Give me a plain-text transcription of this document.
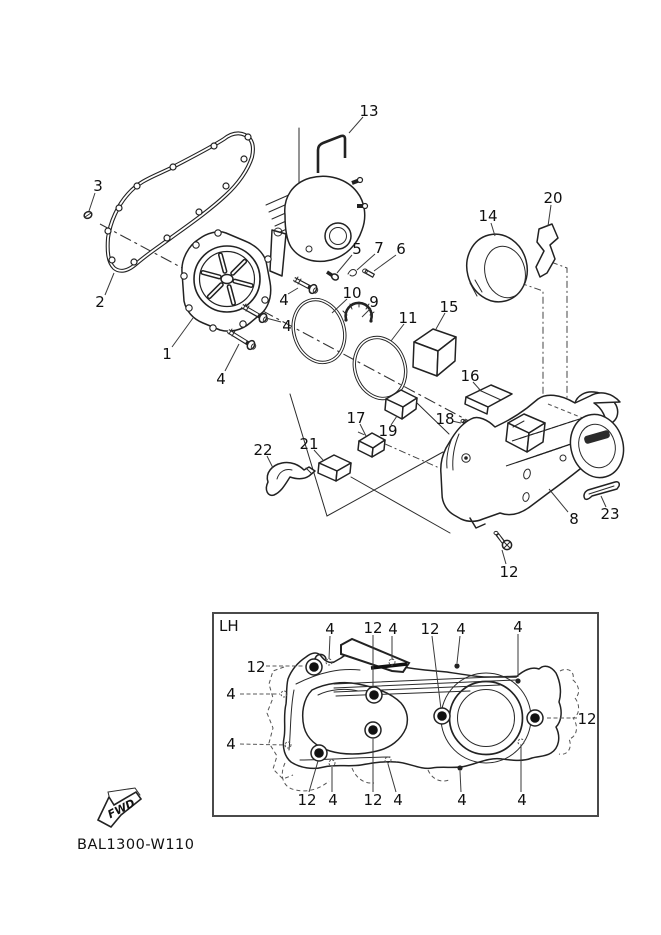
1
2
3
4
4
4
5 7 6
9
10
11
13
14
15
16
17	18
19
20
21
22
8 23
12
LH	4 12 4 12 4	4
12
4
4
12
12 4 12 4	4	4
FWD
BAL1300-W110
